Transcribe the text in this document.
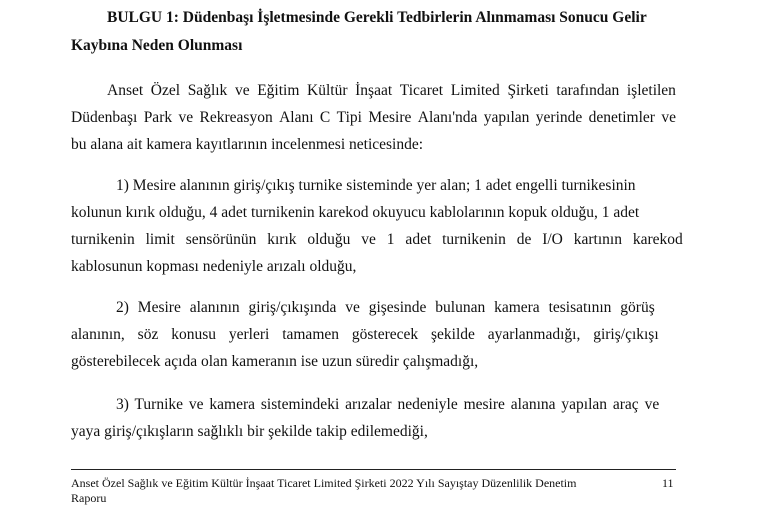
BULGU 1: Düdenbaşı İşletmesinde Gerekli Tedbirlerin Alınmaması Sonucu Gelir
Kaybına Neden Olunması
Anset Özel Sağlık ve Eğitim Kültür İnşaat Ticaret Limited Şirketi tarafından işletilen
Düdenbaşı Park ve Rekreasyon Alanı C Tipi Mesire Alanı'nda yapılan yerinde denetimler ve
bu alana ait kamera kayıtlarının incelenmesi neticesinde:
1) Mesire alanının giriş/çıkış turnike sisteminde yer alan; 1 adet engelli turnikesinin
kolunun kırık olduğu, 4 adet turnikenin karekod okuyucu kablolarının kopuk olduğu, 1 adet
turnikenin limit sensörünün kırık olduğu ve 1 adet turnikenin de I/O kartının karekod
kablosunun kopması nedeniyle arızalı olduğu,
2) Mesire alanının giriş/çıkışında ve gişesinde bulunan kamera tesisatının görüş
alanının, söz konusu yerleri tamamen gösterecek şekilde ayarlanmadığı, giriş/çıkışı
gösterebilecek açıda olan kameranın ise uzun süredir çalışmadığı,
3) Turnike ve kamera sistemindeki arızalar nedeniyle mesire alanına yapılan araç ve
yaya giriş/çıkışların sağlıklı bir şekilde takip edilemediği,
Anset Özel Sağlık ve Eğitim Kültür İnşaat Ticaret Limited Şirketi 2022 Yılı Sayıştay Düzenlilik Denetim
Raporu
11
